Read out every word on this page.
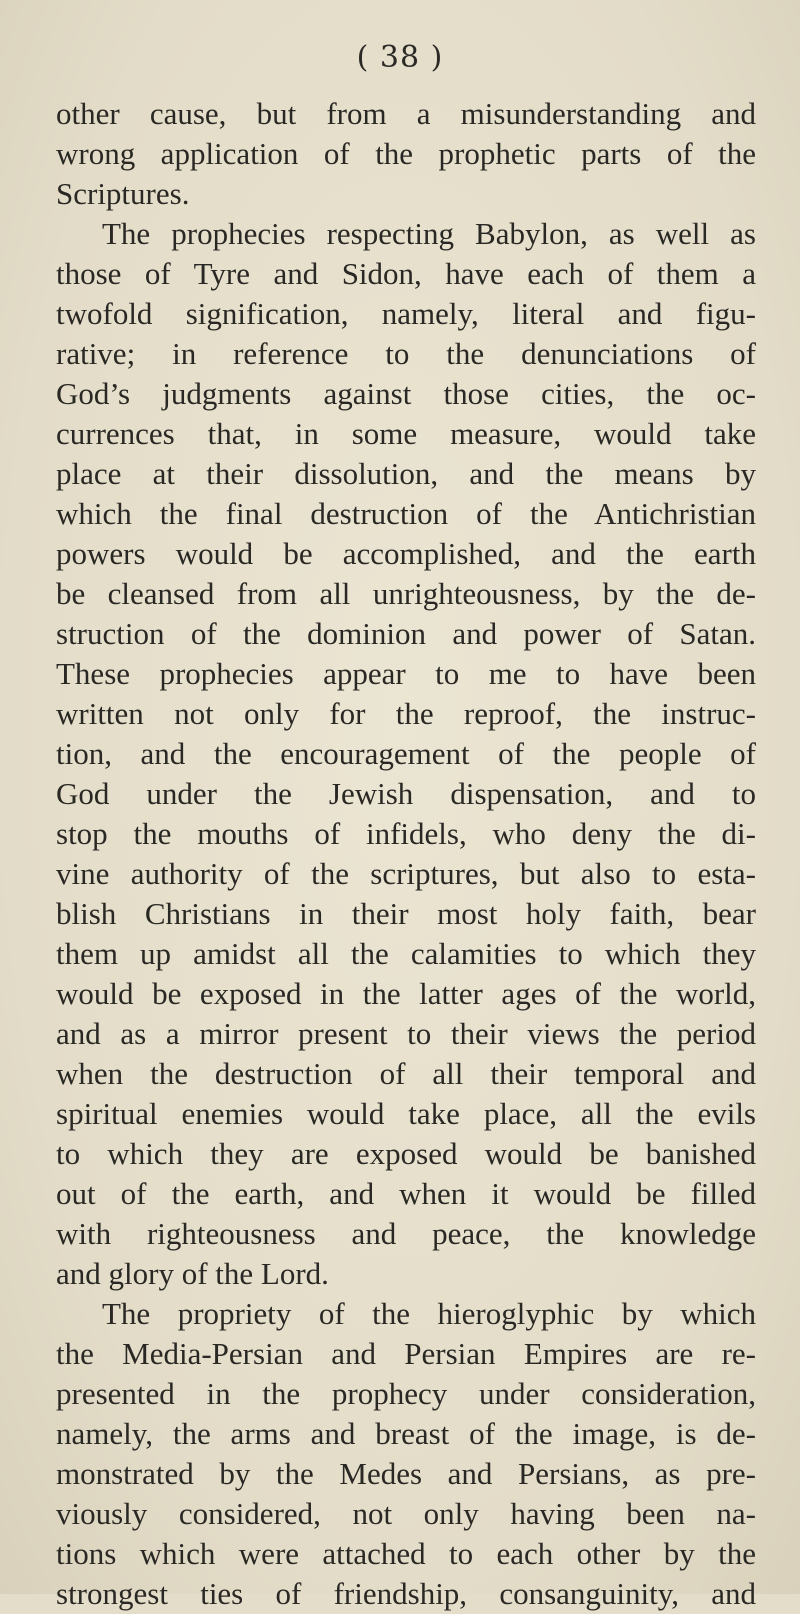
( 38 )
other cause, but from a misunderstanding and
wrong application of the prophetic parts of the
Scriptures.
The prophecies respecting Babylon, as well as
those of Tyre and Sidon, have each of them a
twofold signification, namely, literal and figu-
rative; in reference to the denunciations of
God’s judgments against those cities, the oc-
currences that, in some measure, would take
place at their dissolution, and the means by
which the final destruction of the Antichristian
powers would be accomplished, and the earth
be cleansed from all unrighteousness, by the de-
struction of the dominion and power of Satan.
These prophecies appear to me to have been
written not only for the reproof, the instruc-
tion, and the encouragement of the people of
God under the Jewish dispensation, and to
stop the mouths of infidels, who deny the di-
vine authority of the scriptures, but also to esta-
blish Christians in their most holy faith, bear
them up amidst all the calamities to which they
would be exposed in the latter ages of the world,
and as a mirror present to their views the period
when the destruction of all their temporal and
spiritual enemies would take place, all the evils
to which they are exposed would be banished
out of the earth, and when it would be filled
with righteousness and peace, the knowledge
and glory of the Lord.
The propriety of the hieroglyphic by which
the Media-Persian and Persian Empires are re-
presented in the prophecy under consideration,
namely, the arms and breast of the image, is de-
monstrated by the Medes and Persians, as pre-
viously considered, not only having been na-
tions which were attached to each other by the
strongest ties of friendship, consanguinity, and
